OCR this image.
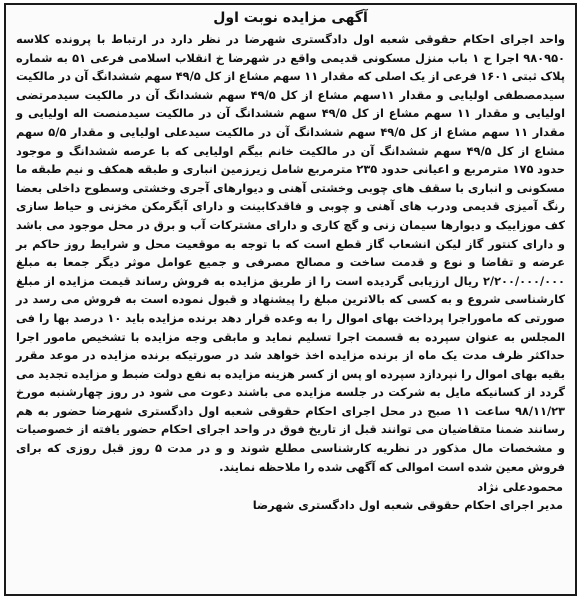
آگهی مزایده نوبت اول

واحد اجرای احکام حقوقی شعبه اول دادگستری شهرضا در نظر دارد در ارتباط با پرونده کلاسه ۹۸۰۹۵۰ اجرا ح ۱ باب منزل مسکونی قدیمی واقع در شهرضا خ انقلاب اسلامی فرعی ۵۱ به شماره پلاک ثبتی ۱۶۰۱ فرعی از یک اصلی که مقدار ۱۱ سهم مشاع از کل ۴۹/۵ سهم ششدانگ آن در مالکیت سیدمصطفی اولیایی و مقدار ۱۱سهم مشاع از کل ۴۹/۵ سهم ششدانگ آن در مالکیت سیدمرتضی اولیایی و مقدار ۱۱ سهم مشاع از کل ۴۹/۵ سهم ششدانگ آن در مالکیت سیدمنصت اله اولیایی و مقدار ۱۱ سهم مشاع از کل ۴۹/۵ سهم ششدانگ آن در مالکیت سیدعلی اولیایی و مقدار ۵/۵ سهم مشاع از کل ۴۹/۵ سهم ششدانگ آن در مالکیت خانم بیگم اولیایی که با عرصه ششدانگ و موجود حدود ۱۷۵ مترمربع و اعیانی حدود ۲۳۵ مترمربع شامل زیرزمین انباری و طبقه همکف و نیم طبقه ما مسکونی و انباری با سقف های چوبی وخشتی آهنی و دیوارهای آجری وخشتی وسطوح داخلی بعضا رنگ آمیزی قدیمی ودرب های آهنی و چوبی و فاقدکابینت و دارای آبگرمکن مخزنی و حیاط سازی کف موزاییک و دیوارها سیمان زنی و گچ کاری و دارای مشترکات آب و برق در محل موجود می باشد و دارای کنتور گاز لیکن انشعاب گاز قطع است که با توجه به موقعیت محل و شرایط روز حاکم بر عرضه و تقاضا و نوع و قدمت ساخت و مصالح مصرفی و جمیع عوامل موثر دیگر جمعا به مبلغ ۲/۲۰۰/۰۰۰/۰۰۰ ریال ارزیابی گردیده است را از طریق مزایده به فروش رساند قیمت مزایده از مبلغ کارشناسی شروع و به کسی که بالاترین مبلغ را پیشنهاد و قبول نموده است به فروش می رسد در صورتی که ماموراجرا پرداخت بهای اموال را به وعده قرار دهد برنده مزایده باید ۱۰ درصد بها را فی المجلس به عنوان سپرده به قسمت اجرا تسلیم نماید و مابقی وجه مزایده با تشخیص مامور اجرا حداکثر ظرف مدت یک ماه از برنده مزایده اخذ خواهد شد در صورتیکه برنده مزایده در موعد مقرر بقیه بهای اموال را نپردازد سپرده او پس از کسر هزینه مزایده به نفع دولت ضبط و مزایده تجدید می گردد از کسانیکه مایل به شرکت در جلسه مزایده می باشند دعوت می شود در روز چهارشنبه مورخ ۹۸/۱۱/۲۳ ساعت ۱۱ صبح در محل اجرای احکام حقوقی شعبه اول دادگستری شهرضا حضور به هم رسانند ضمنا متقاضیان می توانند قبل از تاریخ فوق در واحد اجرای احکام حضور یافته از خصوصیات و مشخصات مال مذکور در نظریه کارشناسی مطلع شوند و و در مدت ۵ روز قبل روزی که برای فروش معین شده است اموالی که آگهی شده را ملاحظه نمایند.

محمودعلی نژاد
مدیر اجرای احکام حقوقی شعبه اول دادگستری شهرضا
